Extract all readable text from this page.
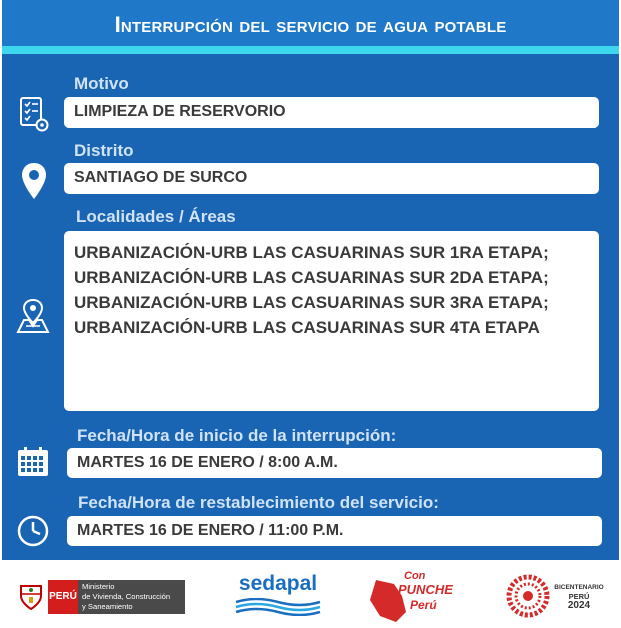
Interrupción del servicio de agua potable
Motivo
LIMPIEZA DE RESERVORIO
Distrito
SANTIAGO DE SURCO
Localidades / Áreas
URBANIZACIÓN-URB LAS CASUARINAS SUR 1RA ETAPA;
URBANIZACIÓN-URB LAS CASUARINAS SUR 2DA ETAPA;
URBANIZACIÓN-URB LAS CASUARINAS SUR 3RA ETAPA;
URBANIZACIÓN-URB LAS CASUARINAS SUR 4TA ETAPA
Fecha/Hora de inicio de la interrupción:
MARTES 16 DE ENERO / 8:00 A.M.
Fecha/Hora de restablecimiento del servicio:
MARTES 16 DE ENERO / 11:00 P.M.
PERÚ
Ministerio
de Vivienda, Construcción
y Saneamiento
sedapal	Con
PUNCHE
Perú
BICENTENARIO
PERÚ
2024
